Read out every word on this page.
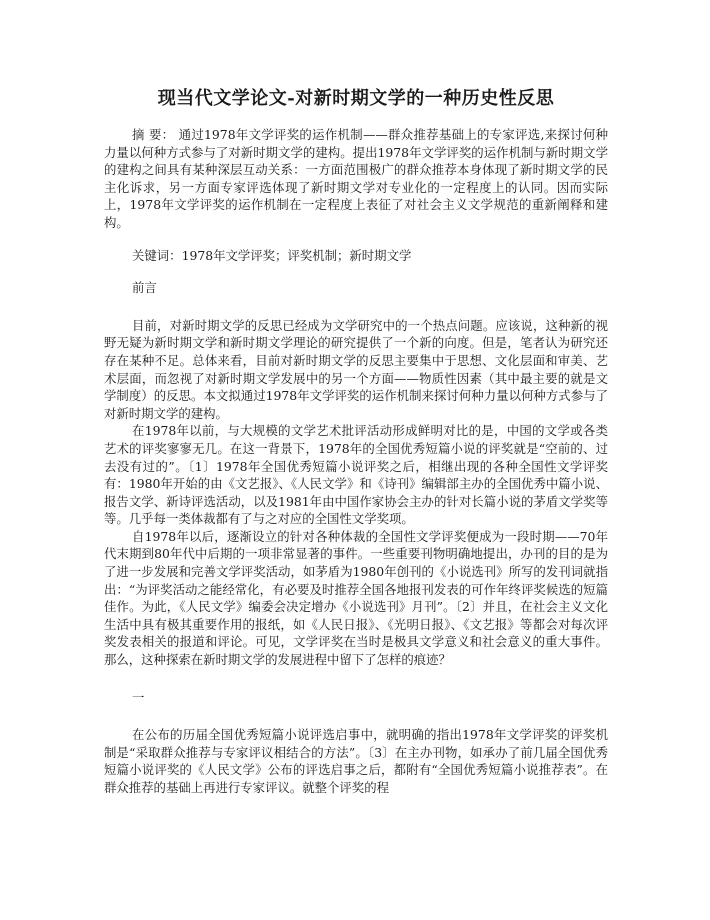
现当代文学论文-对新时期文学的一种历史性反思

摘 要： 通过1978年文学评奖的运作机制——群众推荐基础上的专家评选,来探讨何种力量以何种方式参与了对新时期文学的建构。提出1978年文学评奖的运作机制与新时期文学的建构之间具有某种深层互动关系：一方面范围极广的群众推荐本身体现了新时期文学的民主化诉求，另一方面专家评选体现了新时期文学对专业化的一定程度上的认同。因而实际上，1978年文学评奖的运作机制在一定程度上表征了对社会主义文学规范的重新阐释和建构。

关键词：1978年文学评奖；评奖机制；新时期文学

前言

目前，对新时期文学的反思已经成为文学研究中的一个热点问题。应该说，这种新的视野无疑为新时期文学和新时期文学理论的研究提供了一个新的向度。但是，笔者认为研究还存在某种不足。总体来看，目前对新时期文学的反思主要集中于思想、文化层面和审美、艺术层面，而忽视了对新时期文学发展中的另一个方面——物质性因素（其中最主要的就是文学制度）的反思。本文拟通过1978年文学评奖的运作机制来探讨何种力量以何种方式参与了对新时期文学的建构。

在1978年以前，与大规模的文学艺术批评活动形成鲜明对比的是，中国的文学或各类艺术的评奖寥寥无几。在这一背景下，1978年的全国优秀短篇小说的评奖就是“空前的、过去没有过的”。〔1〕1978年全国优秀短篇小说评奖之后，相继出现的各种全国性文学评奖有：1980年开始的由《文艺报》、《人民文学》和《诗刊》编辑部主办的全国优秀中篇小说、报告文学、新诗评选活动，以及1981年由中国作家协会主办的针对长篇小说的茅盾文学奖等等。几乎每一类体裁都有了与之对应的全国性文学奖项。

自1978年以后，逐渐设立的针对各种体裁的全国性文学评奖便成为一段时期——70年代末期到80年代中后期的一项非常显著的事件。一些重要刊物明确地提出，办刊的目的是为了进一步发展和完善文学评奖活动，如茅盾为1980年创刊的《小说选刊》所写的发刊词就指出：“为评奖活动之能经常化，有必要及时推荐全国各地报刊发表的可作年终评奖候选的短篇佳作。为此，《人民文学》编委会决定增办《小说选刊》月刊”。〔2〕并且，在社会主义文化生活中具有极其重要作用的报纸，如《人民日报》、《光明日报》、《文艺报》等都会对每次评奖发表相关的报道和评论。可见，文学评奖在当时是极具文学意义和社会意义的重大事件。那么，这种探索在新时期文学的发展进程中留下了怎样的痕迹？

一

在公布的历届全国优秀短篇小说评选启事中，就明确的指出1978年文学评奖的评奖机制是“采取群众推荐与专家评议相结合的方法”。〔3〕在主办刊物，如承办了前几届全国优秀短篇小说评奖的《人民文学》公布的评选启事之后，都附有“全国优秀短篇小说推荐表”。在群众推荐的基础上再进行专家评议。就整个评奖的程
